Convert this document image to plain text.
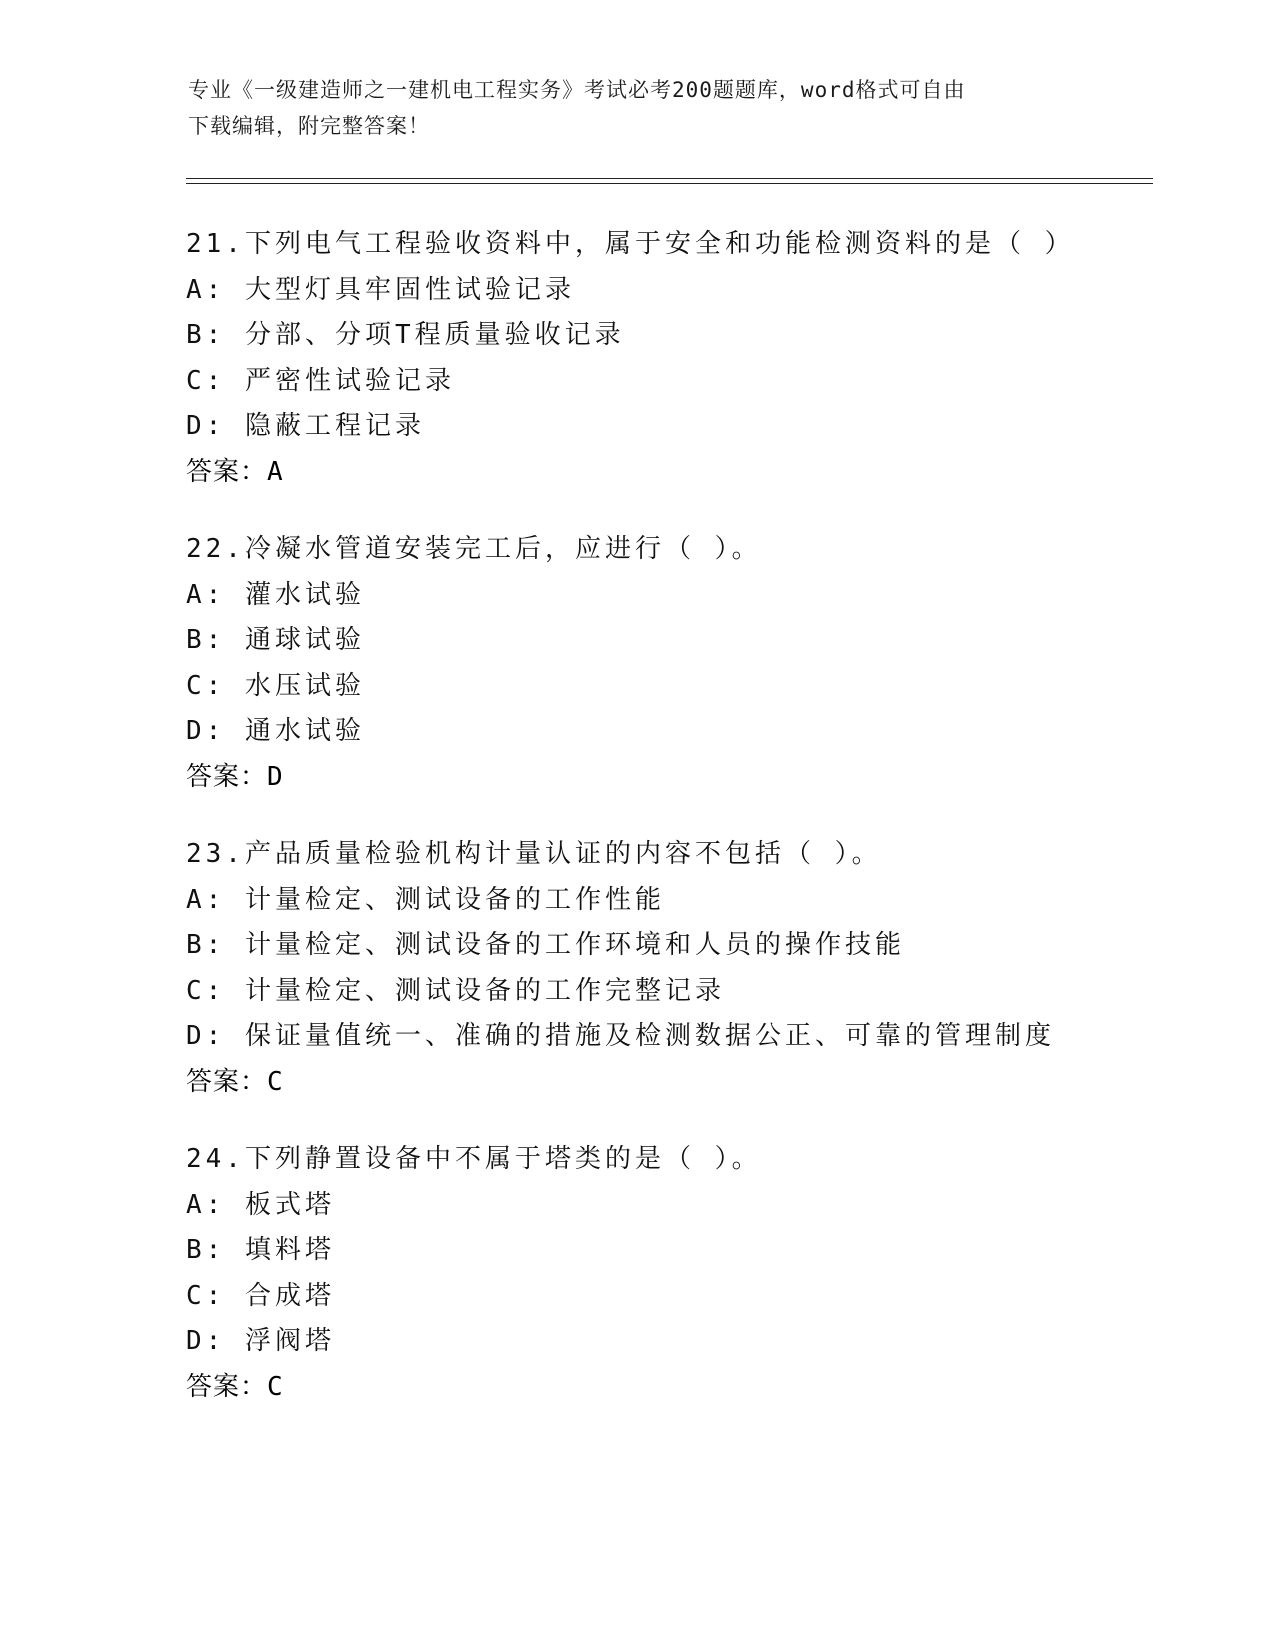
专业《一级建造师之一建机电工程实务》考试必考200题题库，word格式可自由
下载编辑，附完整答案！
21.下列电气工程验收资料中，属于安全和功能检测资料的是（ ）
A: 大型灯具牢固性试验记录
B: 分部、分项T程质量验收记录
C: 严密性试验记录
D: 隐蔽工程记录
答案：A
22.冷凝水管道安装完工后，应进行（ ）。
A: 灌水试验
B: 通球试验
C: 水压试验
D: 通水试验
答案：D
23.产品质量检验机构计量认证的内容不包括（ ）。
A: 计量检定、测试设备的工作性能
B: 计量检定、测试设备的工作环境和人员的操作技能
C: 计量检定、测试设备的工作完整记录
D: 保证量值统一、准确的措施及检测数据公正、可靠的管理制度
答案：C
24.下列静置设备中不属于塔类的是（ ）。
A: 板式塔
B: 填料塔
C: 合成塔
D: 浮阀塔
答案：C
